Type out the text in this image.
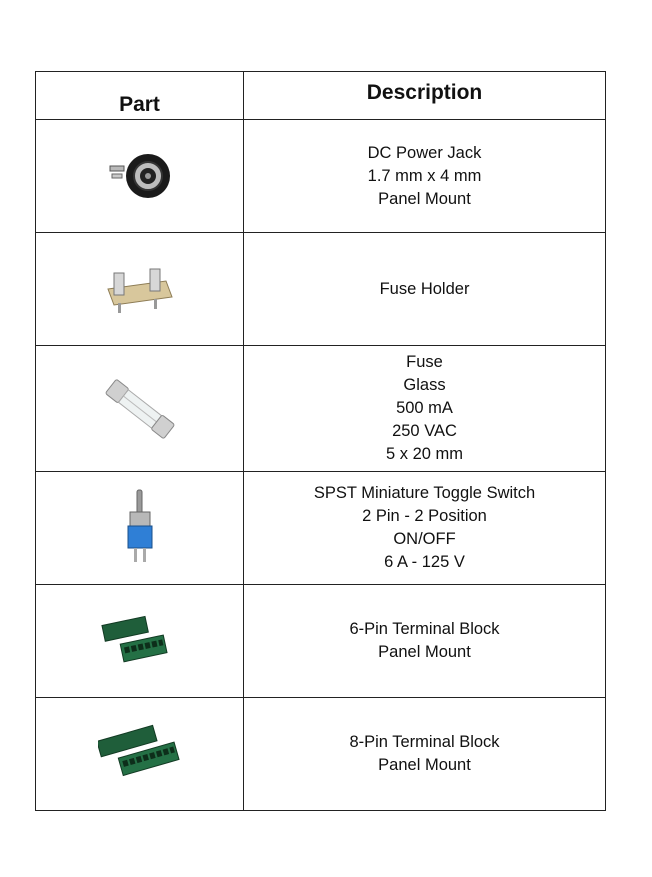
Part	Description

DC Power Jack
1.7 mm x 4 mm
Panel Mount

Fuse Holder

Fuse
Glass
500 mA
250 VAC
5 x 20 mm

SPST Miniature Toggle Switch
2 Pin - 2 Position
ON/OFF
6 A - 125 V

6-Pin Terminal Block
Panel Mount

8-Pin Terminal Block
Panel Mount
